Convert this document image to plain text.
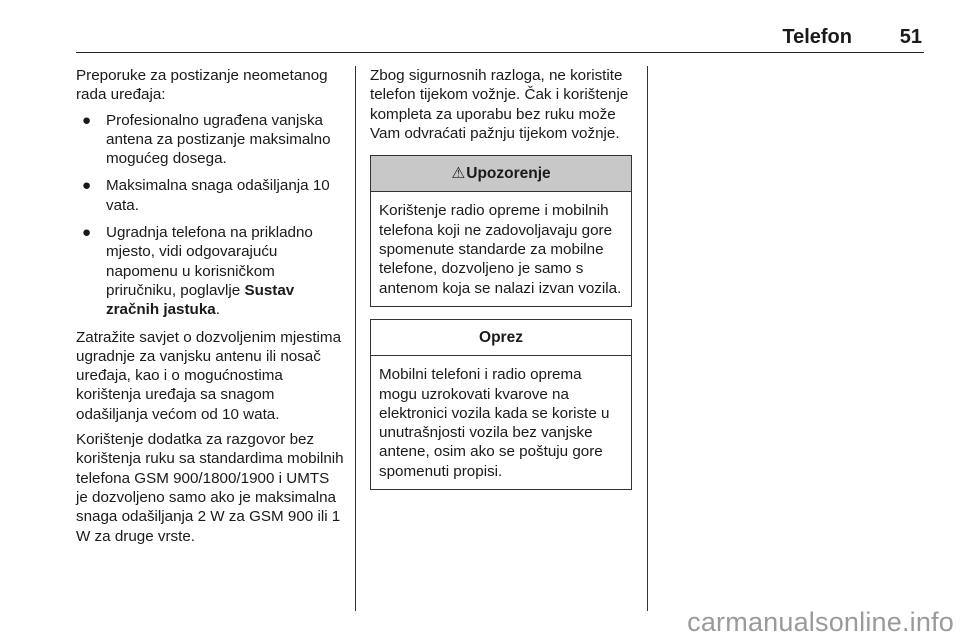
Telefon 51

Preporuke za postizanje neometanog rada uređaja:

● Profesionalno ugrađena vanjska antena za postizanje maksimalno mogućeg dosega.
● Maksimalna snaga odašiljanja 10 vata.
● Ugradnja telefona na prikladno mjesto, vidi odgovarajuću napomenu u korisničkom priručniku, poglavlje Sustav zračnih jastuka.

Zatražite savjet o dozvoljenim mjestima ugradnje za vanjsku antenu ili nosač uređaja, kao i o mogućnostima korištenja uređaja sa snagom odašiljanja većom od 10 wata.

Korištenje dodatka za razgovor bez korištenja ruku sa standardima mobilnih telefona GSM 900/1800/1900 i UMTS je dozvoljeno samo ako je maksimalna snaga odašiljanja 2 W za GSM 900 ili 1 W za druge vrste.

Zbog sigurnosnih razloga, ne koristite telefon tijekom vožnje. Čak i korištenje kompleta za uporabu bez ruku može Vam odvraćati pažnju tijekom vožnje.

⚠Upozorenje
Korištenje radio opreme i mobilnih telefona koji ne zadovoljavaju gore spomenute standarde za mobilne telefone, dozvoljeno je samo s antenom koja se nalazi izvan vozila.
Oprez
Mobilni telefoni i radio oprema mogu uzrokovati kvarove na elektronici vozila kada se koriste u unutrašnjosti vozila bez vanjske antene, osim ako se poštuju gore spomenuti propisi.
carmanualsonline.info
